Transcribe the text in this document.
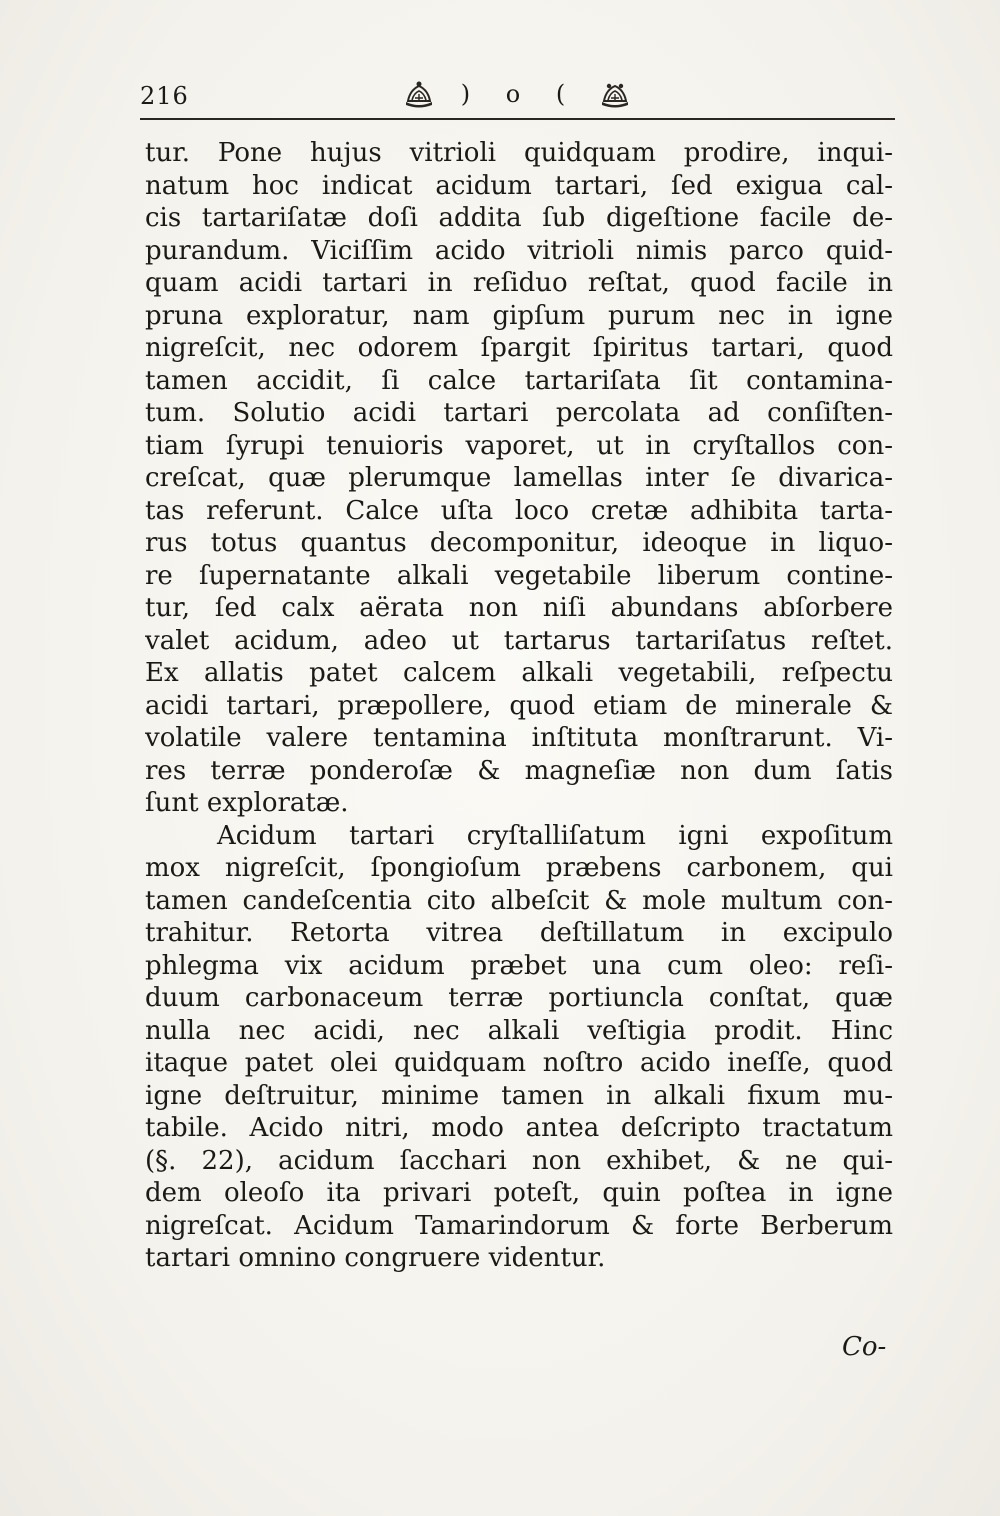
216	) o (
tur. Pone hujus vitrioli quidquam prodire, inqui-
natum hoc indicat acidum tartari, ſed exigua cal-
cis tartariſatæ doſi addita ſub digeſtione facile de-
purandum. Viciſſim acido vitrioli nimis parco quid-
quam acidi tartari in reſiduo reſtat, quod facile in
pruna exploratur, nam gipſum purum nec in igne
nigreſcit, nec odorem ſpargit ſpiritus tartari, quod
tamen accidit, ſi calce tartariſata ſit contamina-
tum. Solutio acidi tartari percolata ad conſiſten-
tiam ſyrupi tenuioris vaporet, ut in cryſtallos con-
creſcat, quæ plerumque lamellas inter ſe divarica-
tas referunt. Calce uſta loco cretæ adhibita tarta-
rus totus quantus decomponitur, ideoque in liquo-
re ſupernatante alkali vegetabile liberum contine-
tur, ſed calx aërata non niſi abundans abſorbere
valet acidum, adeo ut tartarus tartariſatus reſtet.
Ex allatis patet calcem alkali vegetabili, reſpectu
acidi tartari, præpollere, quod etiam de minerale &
volatile valere tentamina inſtituta monſtrarunt. Vi-
res terræ ponderoſæ & magneſiæ non dum ſatis
ſunt exploratæ.
Acidum tartari cryſtalliſatum igni expoſitum
mox nigreſcit, ſpongioſum præbens carbonem, qui
tamen candeſcentia cito albeſcit & mole multum con-
trahitur. Retorta vitrea deſtillatum in excipulo
phlegma vix acidum præbet una cum oleo: reſi-
duum carbonaceum terræ portiuncla conſtat, quæ
nulla nec acidi, nec alkali veſtigia prodit. Hinc
itaque patet olei quidquam noſtro acido ineſſe, quod
igne deſtruitur, minime tamen in alkali fixum mu-
tabile. Acido nitri, modo antea deſcripto tractatum
(§. 22), acidum ſacchari non exhibet, & ne qui-
dem oleoſo ita privari poteſt, quin poſtea in igne
nigreſcat. Acidum Tamarindorum & forte Berberum
tartari omnino congruere videntur.
Co-
